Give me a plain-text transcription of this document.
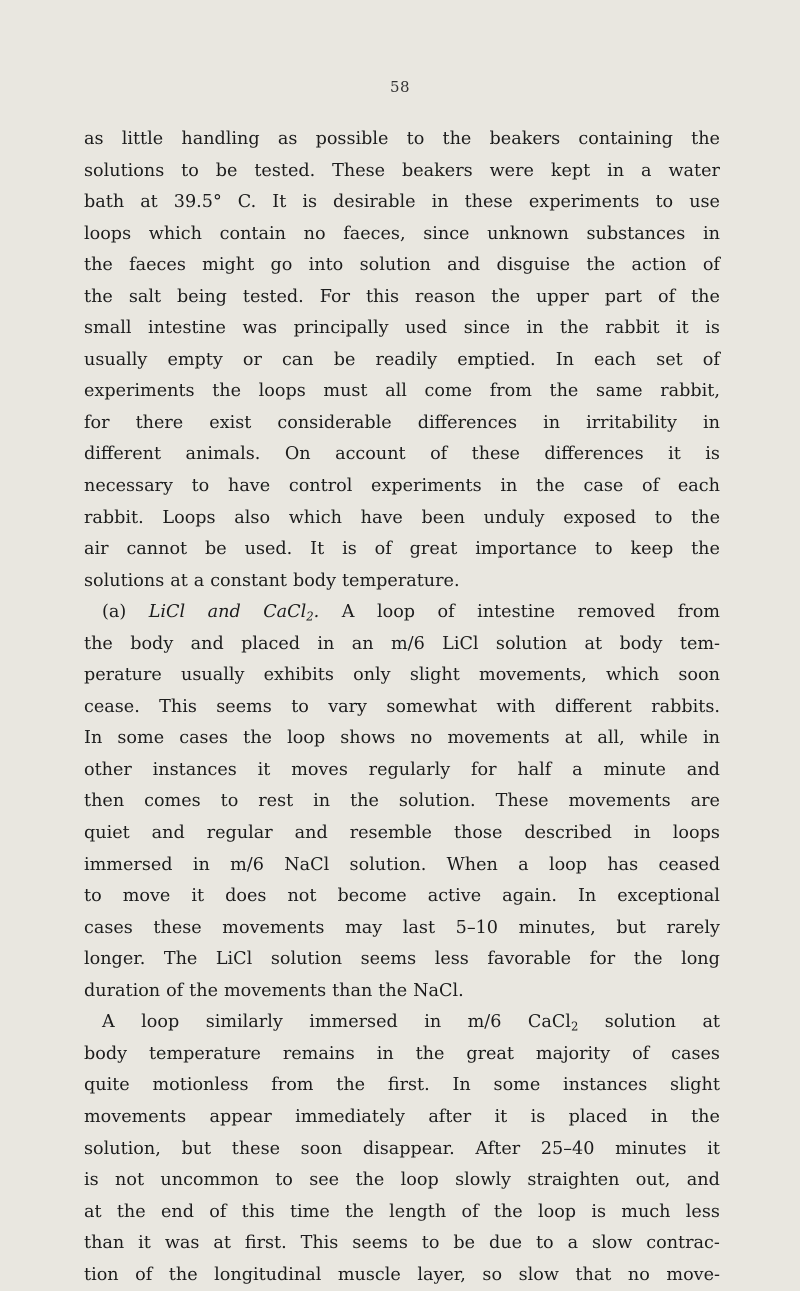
58
as little handling as possible to the beakers containing the
solutions to be tested. These beakers were kept in a water
bath at 39.5° C. It is desirable in these experiments to use
loops which contain no faeces, since unknown substances in
the faeces might go into solution and disguise the action of
the salt being tested. For this reason the upper part of the
small intestine was principally used since in the rabbit it is
usually empty or can be readily emptied. In each set of
experiments the loops must all come from the same rabbit,
for there exist considerable differences in irritability in
different animals. On account of these differences it is
necessary to have control experiments in the case of each
rabbit. Loops also which have been unduly exposed to the
air cannot be used. It is of great importance to keep the
solutions at a constant body temperature.
(a) LiCl and CaCl$_2$. A loop of intestine removed from
the body and placed in an m/6 LiCl solution at body tem-
perature usually exhibits only slight movements, which soon
cease. This seems to vary somewhat with different rabbits.
In some cases the loop shows no movements at all, while in
other instances it moves regularly for half a minute and
then comes to rest in the solution. These movements are
quiet and regular and resemble those described in loops
immersed in m/6 NaCl solution. When a loop has ceased
to move it does not become active again. In exceptional
cases these movements may last 5–10 minutes, but rarely
longer. The LiCl solution seems less favorable for the long
duration of the movements than the NaCl.
A loop similarly immersed in m/6 CaCl$_2$ solution at
body temperature remains in the great majority of cases
quite motionless from the first. In some instances slight
movements appear immediately after it is placed in the
solution, but these soon disappear. After 25–40 minutes it
is not uncommon to see the loop slowly straighten out, and
at the end of this time the length of the loop is much less
than it was at first. This seems to be due to a slow contrac-
tion of the longitudinal muscle layer, so slow that no move-
